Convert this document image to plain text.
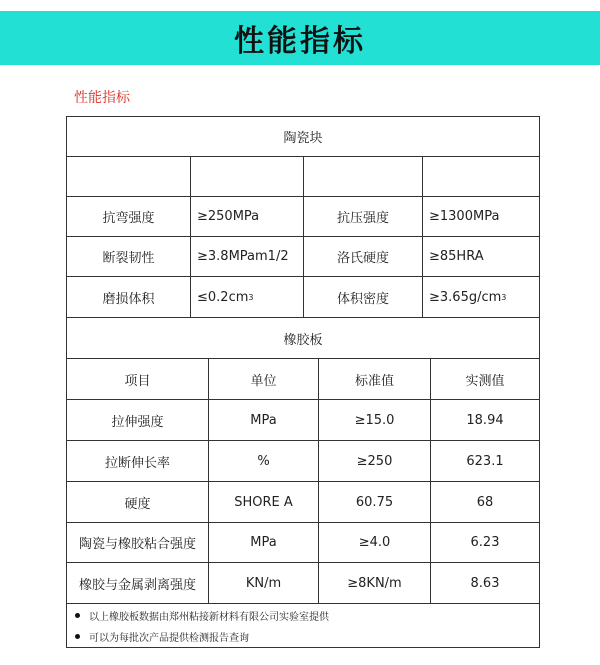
性能指标
性能指标
陶瓷块
抗弯强度	≥250MPa	抗压强度	≥1300MPa
断裂韧性	≥3.8MPam1/2	洛氏硬度	≥85HRA
磨损体积	≤0.2cm 3	体积密度	≥3.65g/cm 3
橡胶板
项目	单位	标准值	实测值
拉伸强度	MPa	≥15.0	18.94
拉断伸长率	%	≥250	623.1
硬度	SHORE A	60.75	68
陶瓷与橡胶粘合强度	MPa	≥4.0	6.23
橡胶与金属剥离强度	KN/m	≥8KN/m	8.63
以上橡胶板数据由郑州粘接新材料有限公司实验室提供
可以为每批次产品提供检测报告查询
